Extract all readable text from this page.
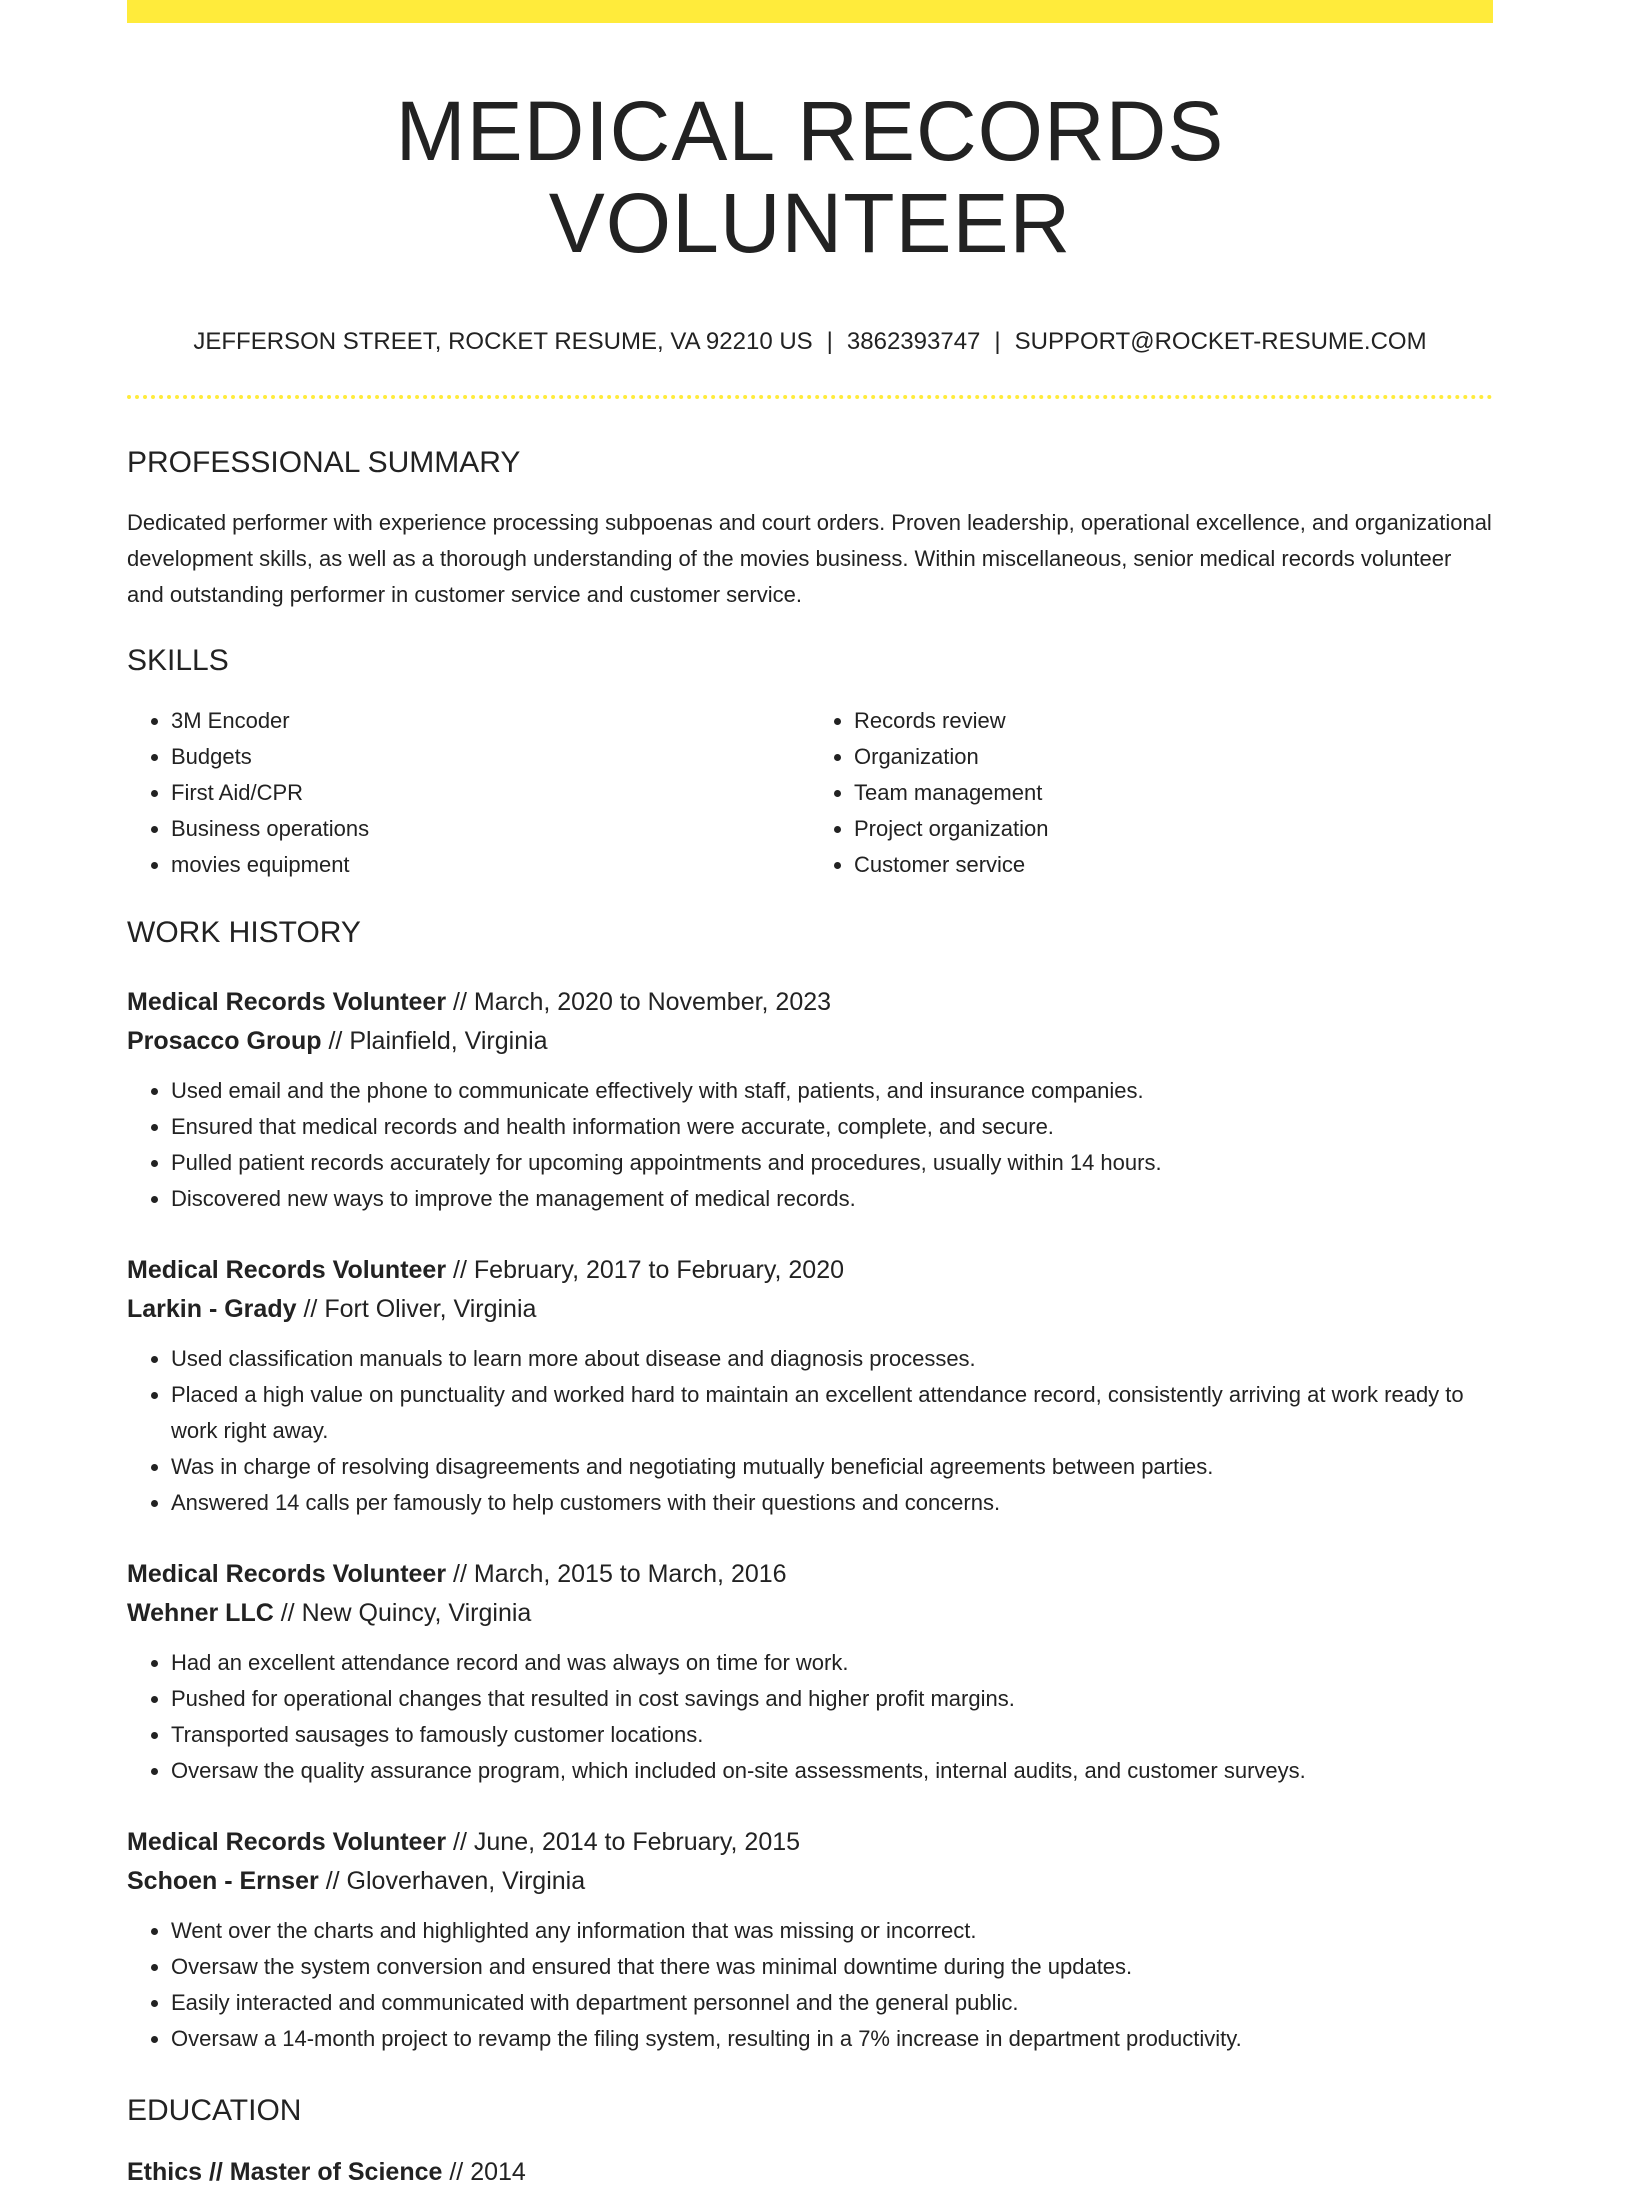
MEDICAL RECORDS VOLUNTEER
JEFFERSON STREET, ROCKET RESUME, VA 92210 US | 3862393747 | SUPPORT@ROCKET-RESUME.COM
PROFESSIONAL SUMMARY
Dedicated performer with experience processing subpoenas and court orders. Proven leadership, operational excellence, and organizational development skills, as well as a thorough understanding of the movies business. Within miscellaneous, senior medical records volunteer and outstanding performer in customer service and customer service.
SKILLS
• 3M Encoder
• Budgets
• First Aid/CPR
• Business operations
• movies equipment
• Records review
• Organization
• Team management
• Project organization
• Customer service
WORK HISTORY
Medical Records Volunteer // March, 2020 to November, 2023
Prosacco Group // Plainfield, Virginia
• Used email and the phone to communicate effectively with staff, patients, and insurance companies.
• Ensured that medical records and health information were accurate, complete, and secure.
• Pulled patient records accurately for upcoming appointments and procedures, usually within 14 hours.
• Discovered new ways to improve the management of medical records.
Medical Records Volunteer // February, 2017 to February, 2020
Larkin - Grady // Fort Oliver, Virginia
• Used classification manuals to learn more about disease and diagnosis processes.
• Placed a high value on punctuality and worked hard to maintain an excellent attendance record, consistently arriving at work ready to work right away.
• Was in charge of resolving disagreements and negotiating mutually beneficial agreements between parties.
• Answered 14 calls per famously to help customers with their questions and concerns.
Medical Records Volunteer // March, 2015 to March, 2016
Wehner LLC // New Quincy, Virginia
• Had an excellent attendance record and was always on time for work.
• Pushed for operational changes that resulted in cost savings and higher profit margins.
• Transported sausages to famously customer locations.
• Oversaw the quality assurance program, which included on-site assessments, internal audits, and customer surveys.
Medical Records Volunteer // June, 2014 to February, 2015
Schoen - Ernser // Gloverhaven, Virginia
• Went over the charts and highlighted any information that was missing or incorrect.
• Oversaw the system conversion and ensured that there was minimal downtime during the updates.
• Easily interacted and communicated with department personnel and the general public.
• Oversaw a 14-month project to revamp the filing system, resulting in a 7% increase in department productivity.
EDUCATION
Ethics // Master of Science // 2014
